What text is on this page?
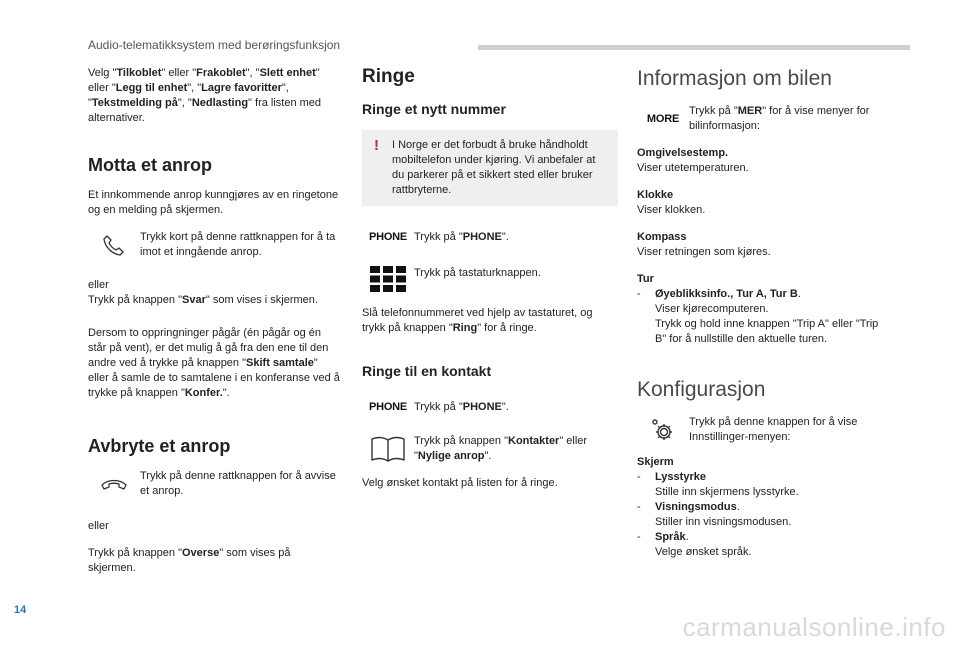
Audio-telematikksystem med berøringsfunksjon

Velg "Tilkoblet" eller "Frakoblet", "Slett enhet" eller "Legg til enhet", "Lagre favoritter", "Tekstmelding på", "Nedlasting" fra listen med alternativer.

Motta et anrop

Et innkommende anrop kunngjøres av en ringetone og en melding på skjermen.

Trykk kort på denne rattknappen for å ta imot et inngående anrop.

eller

Trykk på knappen "Svar" som vises i skjermen.

Dersom to oppringninger pågår (én pågår og én står på vent), er det mulig å gå fra den ene til den andre ved å trykke på knappen "Skift samtale" eller å samle de to samtalene i en konferanse ved å trykke på knappen "Konfer.".

Avbryte et anrop
Trykk på denne rattknappen for å avvise et anrop.

eller

Trykk på knappen "Overse" som vises på skjermen.

Ringe
Ringe et nytt nummer
! I Norge er det forbudt å bruke håndholdt mobiltelefon under kjøring. Vi anbefaler at du parkerer på et sikkert sted eller bruker rattbryterne.
PHONE Trykk på "PHONE".
Trykk på tastaturknappen.

Slå telefonnummeret ved hjelp av tastaturet, og trykk på knappen "Ring" for å ringe.

Ringe til en kontakt
PHONE Trykk på "PHONE".
Trykk på knappen "Kontakter" eller "Nylige anrop".

Velg ønsket kontakt på listen for å ringe.

Informasjon om bilen
MORE
Trykk på "MER" for å vise menyer for bilinformasjon:

Omgivelsestemp.

Viser utetemperaturen.

Klokke

Viser klokken.

Kompass

Viser retningen som kjøres.

Tur

-	Øyeblikksinfo., Tur A, Tur B.
Viser kjørecomputeren.
Trykk og hold inne knappen "Trip A" eller "Trip B" for å nullstille den aktuelle turen.
Konfigurasjon
Trykk på denne knappen for å vise Innstillinger-menyen:

Skjerm

-	Lysstyrke
Stille inn skjermens lysstyrke.
-	Visningsmodus.
Stiller inn visningsmodusen.
-	Språk.
Velge ønsket språk.
14
carmanualsonline.info
